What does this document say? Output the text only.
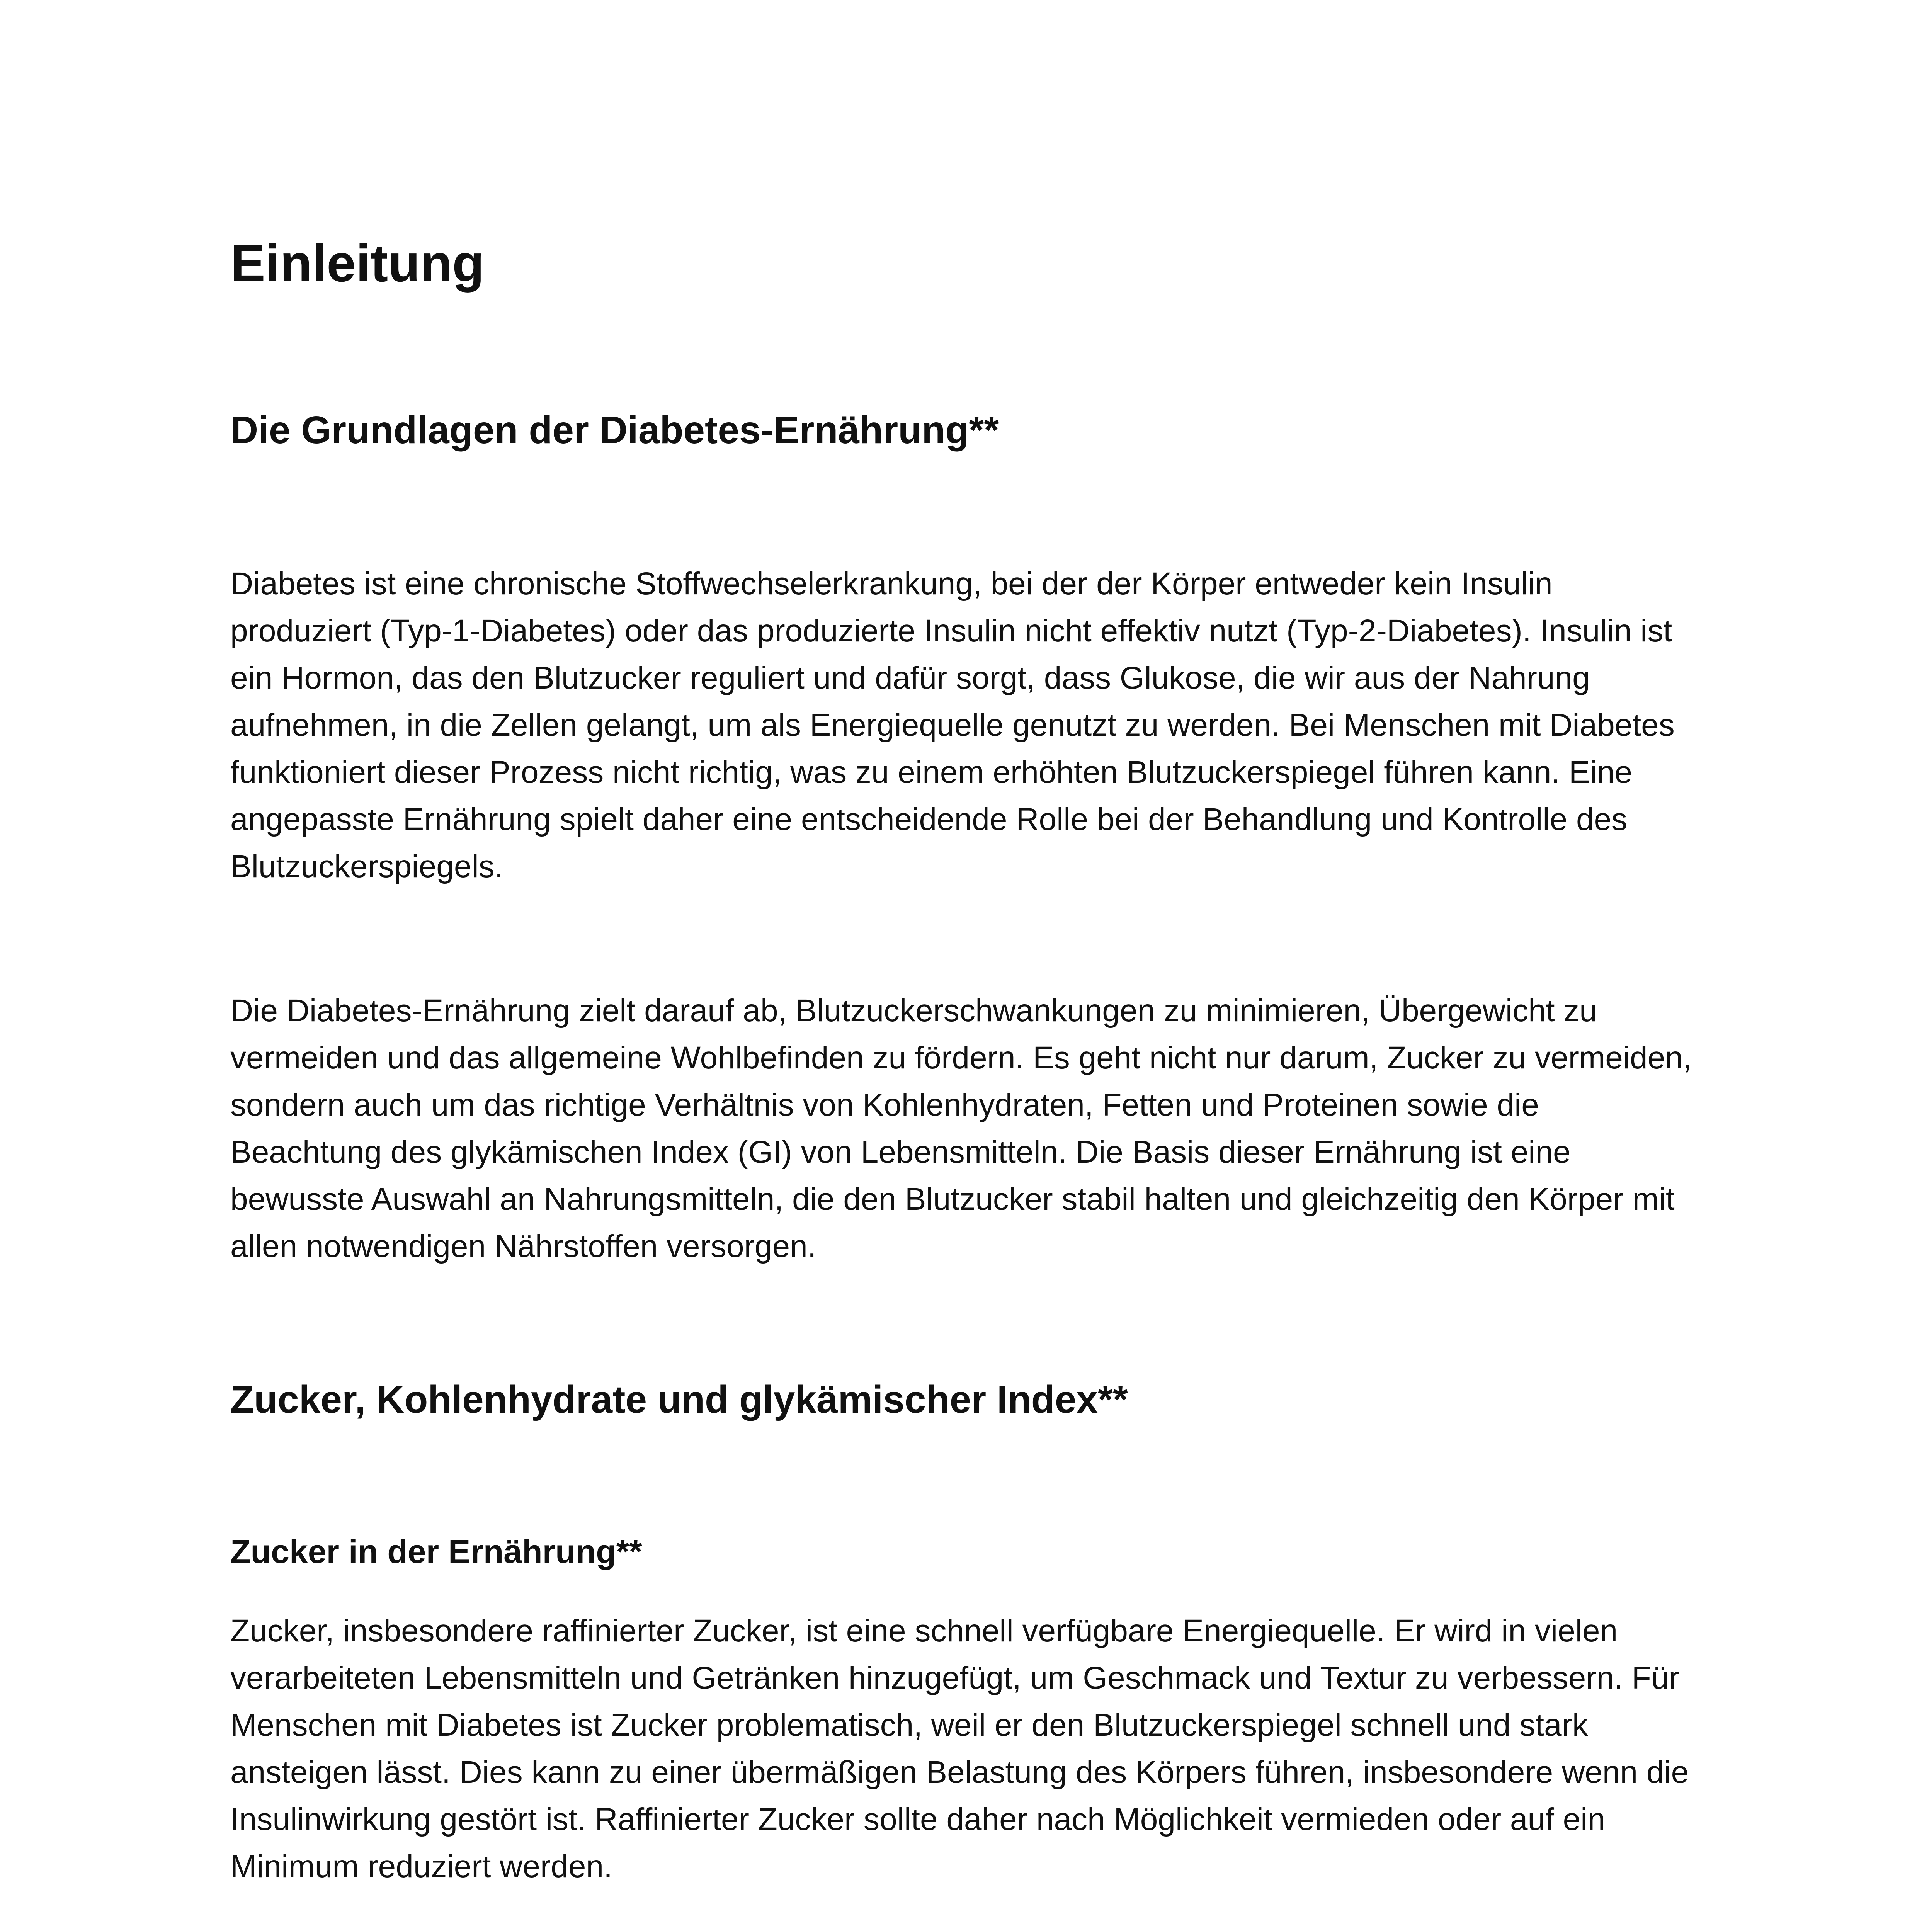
Einleitung
Die Grundlagen der Diabetes-Ernährung**

Diabetes ist eine chronische Stoffwechselerkrankung, bei der der Körper entweder kein Insulin produziert (Typ-1-Diabetes) oder das produzierte Insulin nicht effektiv nutzt (Typ-2-Diabetes). Insulin ist ein Hormon, das den Blutzucker reguliert und dafür sorgt, dass Glukose, die wir aus der Nahrung aufnehmen, in die Zellen gelangt, um als Energiequelle genutzt zu werden. Bei Menschen mit Diabetes funktioniert dieser Prozess nicht richtig, was zu einem erhöhten Blutzuckerspiegel führen kann. Eine angepasste Ernährung spielt daher eine entscheidende Rolle bei der Behandlung und Kontrolle des Blutzuckerspiegels.

Die Diabetes-Ernährung zielt darauf ab, Blutzuckerschwankungen zu minimieren, Übergewicht zu vermeiden und das allgemeine Wohlbefinden zu fördern. Es geht nicht nur darum, Zucker zu vermeiden, sondern auch um das richtige Verhältnis von Kohlenhydraten, Fetten und Proteinen sowie die Beachtung des glykämischen Index (GI) von Lebensmitteln. Die Basis dieser Ernährung ist eine bewusste Auswahl an Nahrungsmitteln, die den Blutzucker stabil halten und gleichzeitig den Körper mit allen notwendigen Nährstoffen versorgen.

Zucker, Kohlenhydrate und glykämischer Index**
Zucker in der Ernährung**

Zucker, insbesondere raffinierter Zucker, ist eine schnell verfügbare Energiequelle. Er wird in vielen verarbeiteten Lebensmitteln und Getränken hinzugefügt, um Geschmack und Textur zu verbessern. Für Menschen mit Diabetes ist Zucker problematisch, weil er den Blutzuckerspiegel schnell und stark ansteigen lässt. Dies kann zu einer übermäßigen Belastung des Körpers führen, insbesondere wenn die Insulinwirkung gestört ist. Raffinierter Zucker sollte daher nach Möglichkeit vermieden oder auf ein Minimum reduziert werden.
